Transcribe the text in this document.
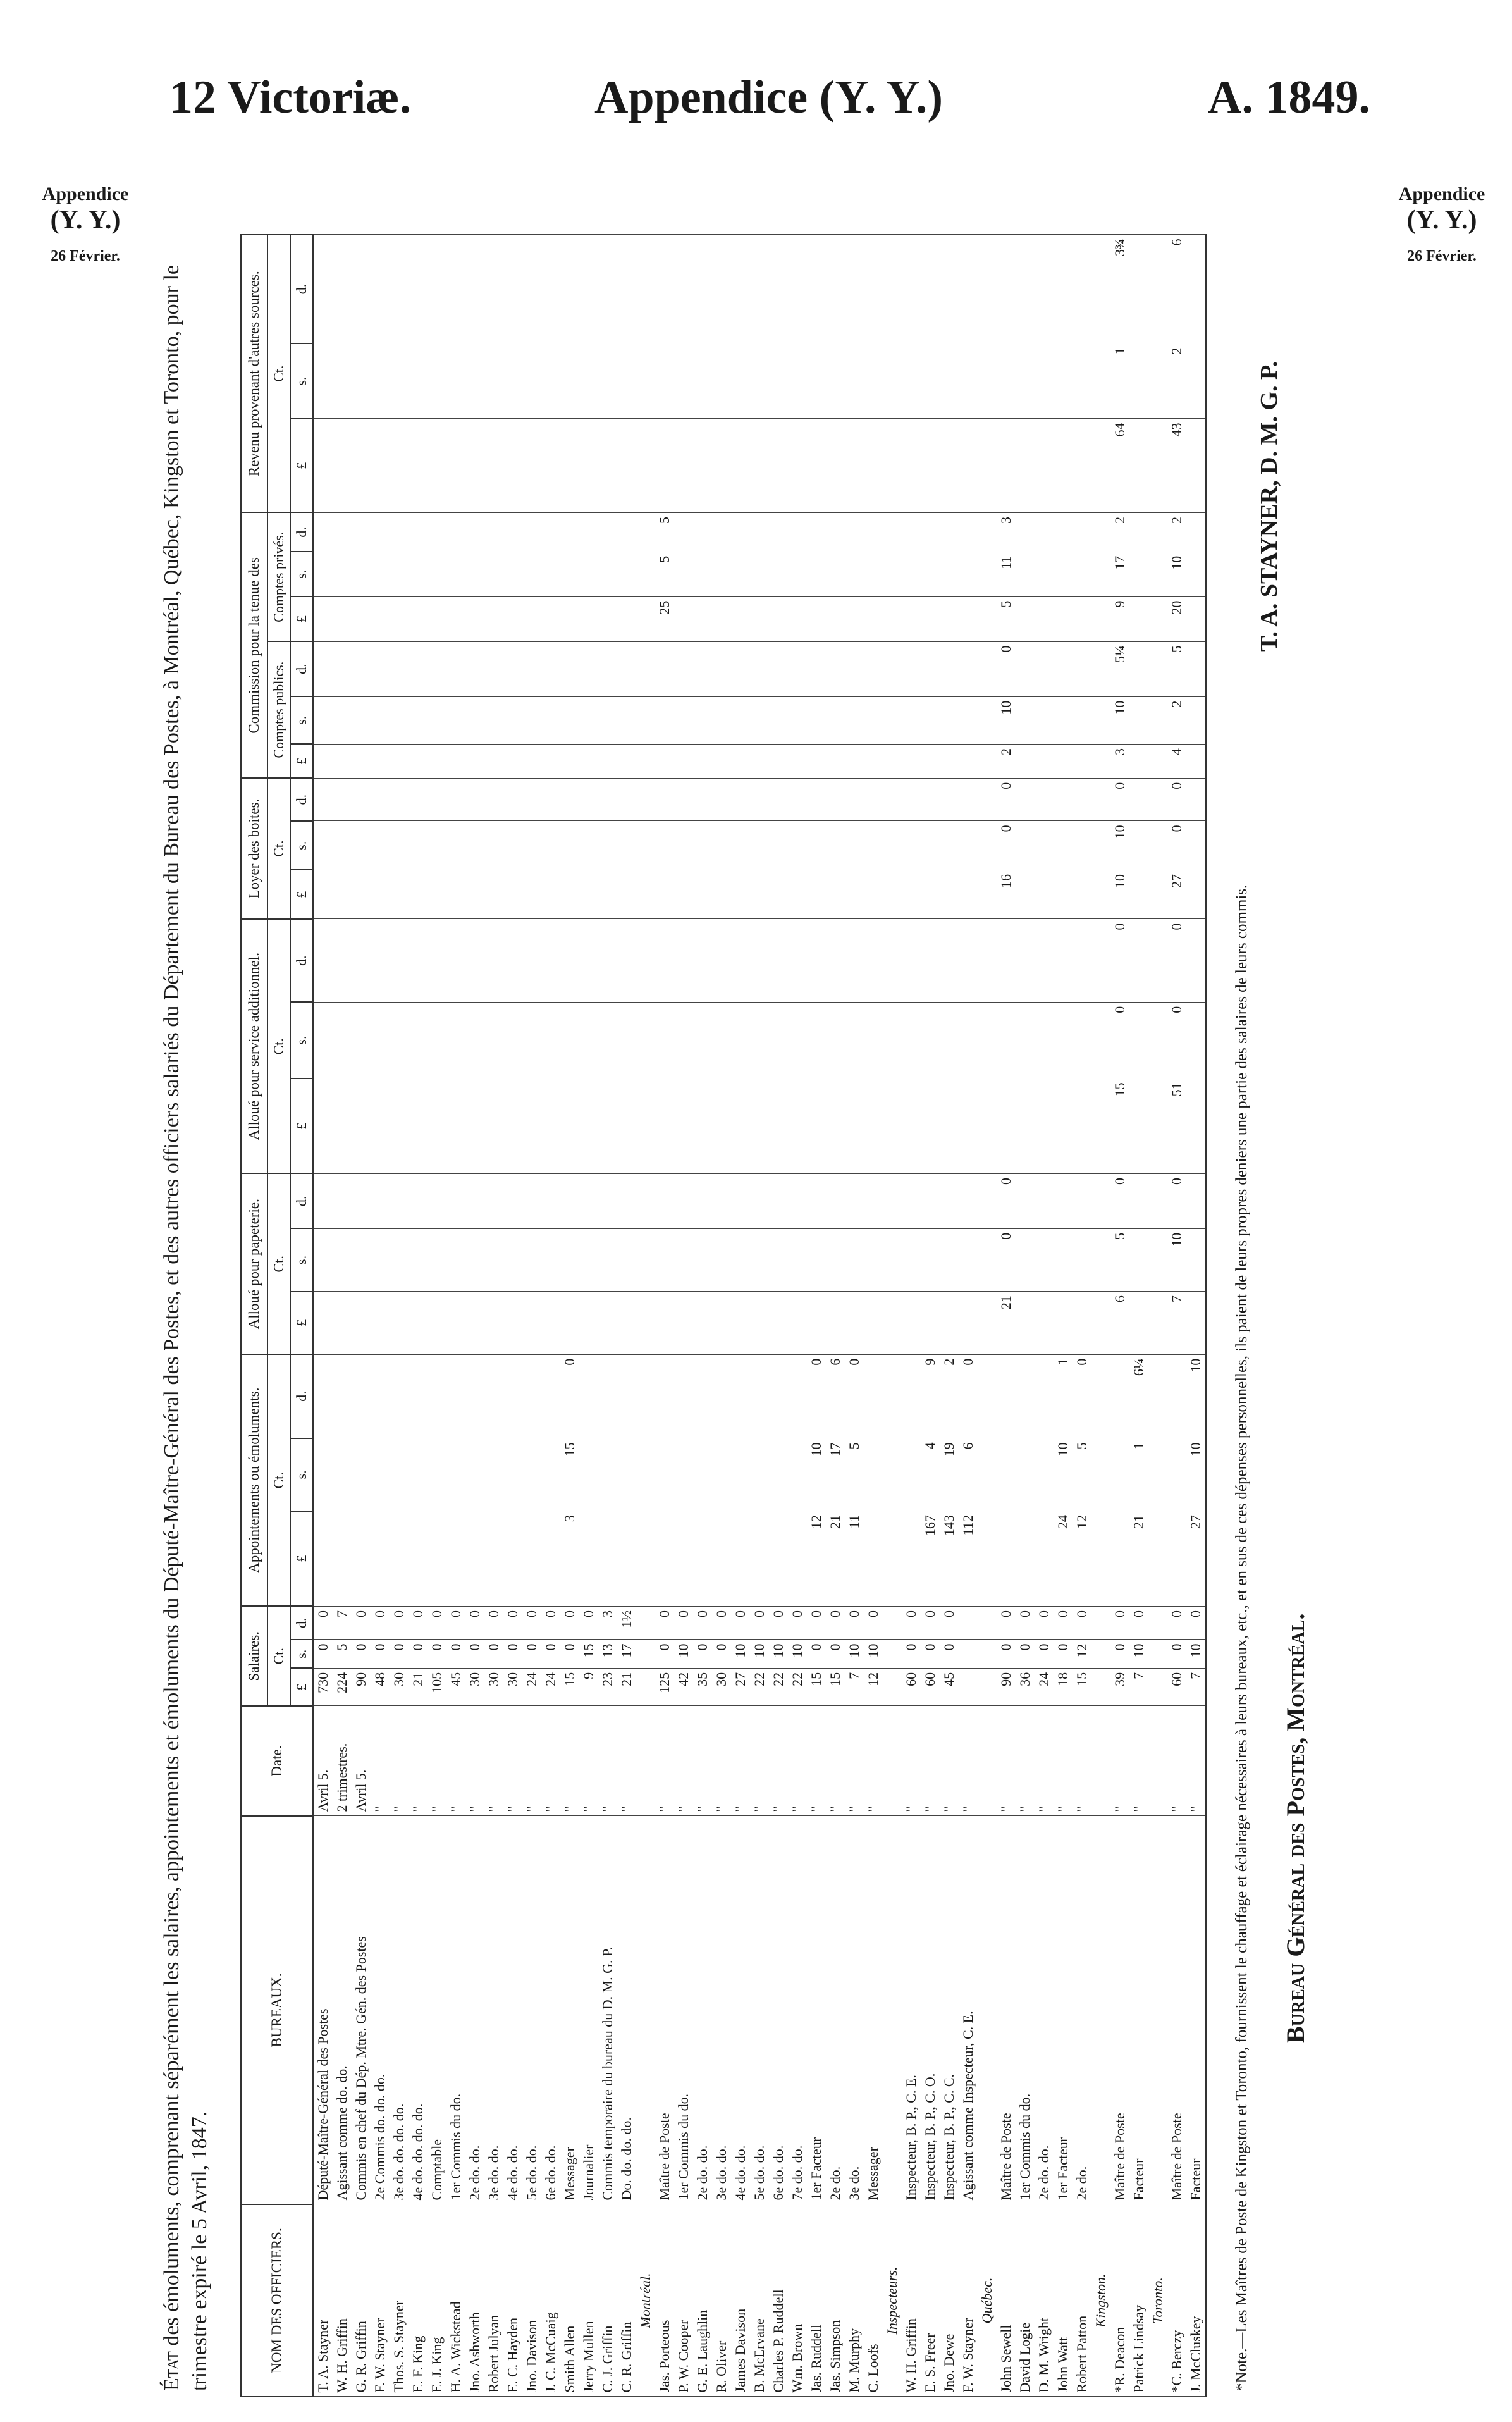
12 Victoriæ.	Appendice (Y. Y.)	A. 1849.
Appendice
(Y. Y.)
26 Février.
Appendice
(Y. Y.)
26 Février.
État des émoluments, comprenant séparément les salaires, appointements et émoluments du Député-Maître-Général des Postes, et des autres officiers salariés du Département du Bureau des Postes, à Montréal, Québec, Kingston et Toronto, pour le trimestre expiré le 5 Avril, 1847.	NOM DES OFFICIERS.	BUREAUX.	Date.	Salaires.			Appointements ou émoluments.			Alloué pour papeterie.			Alloué pour service additionnel.			Loyer des boites.			Commission pour la tenue des						Revenu provenant d'autres sources.		
			Ct.			Ct.			Ct.			Ct.			Ct.			Comptes publics.			Comptes privés.			Ct.		
			£	s.	d.	£	s.	d.	£	s.	d.	£	s.	d.	£	s.	d.	£	s.	d.	£	s.	d.	£	s.	d.
T. A. Stayner	Député-Maître-Général des Postes	Avril 5.	730	0	0																					
W. H. Griffin	Agissant comme do. do.	2 trimestres.	224	5	7																					
G. R. Griffin	Commis en chef du Dép. Mtre. Gén. des Postes	Avril 5.	90	0	0																					
F. W. Stayner	2e Commis do. do. do.	"	48	0	0																					
Thos. S. Stayner	3e do. do. do. do.	"	30	0	0																					
E. F. King	4e do. do. do. do.	"	21	0	0																					
E. J. King	Comptable	"	105	0	0																					
H. A. Wickstead	1er Commis du do.	"	45	0	0																					
Jno. Ashworth	2e do. do.	"	30	0	0																					
Robert Julyan	3e do. do.	"	30	0	0																					
E. C. Hayden	4e do. do.	"	30	0	0																					
Jno. Davison	5e do. do.	"	24	0	0																					
J. C. McCuaig	6e do. do.	"	24	0	0																					
Smith Allen	Messager	"	15	0	0	3	15	0																		
Jerry Mullen	Journalier	"	9	15	0																					
C. J. Griffin	Commis temporaire du bureau du D. M. G. P.	"	23	13	3																					
C. R. Griffin	Do. do. do. do.	"	21	17	1½																					
Montréal.																										
Jas. Porteous	Maître de Poste	"	125	0	0																25	5	5			
P. W. Cooper	1er Commis du do.	"	42	10	0																					
G. E. Laughlin	2e do. do.	"	35	0	0																					
R. Oliver	3e do. do.	"	30	0	0																					
James Davison	4e do. do.	"	27	10	0																					
B. McErvane	5e do. do.	"	22	10	0																					
Charles P. Ruddell	6e do. do.	"	22	10	0																					
Wm. Brown	7e do. do.	"	22	10	0																					
Jas. Ruddell	1er Facteur	"	15	0	0	12	10	0																		
Jas. Simpson	2e do.	"	15	0	0	21	17	6																		
M. Murphy	3e do.	"	7	10	0	11	5	0																		
C. Loofs	Messager	"	12	10	0																					
Inspecteurs.																										
W. H. Griffin	Inspecteur, B. P., C. E.	"	60	0	0																					
E. S. Freer	Inspecteur, B. P., C. O.	"	60	0	0	167	4	9																		
Jno. Dewe	Inspecteur, B. P., C. C.	"	45	0	0	143	19	2																		
F. W. Stayner	Agissant comme Inspecteur, C. E.	"				112	6	0																		
Québec.																										
John Sewell	Maître de Poste	"	90	0	0				21	0	0				16	0	0	2	10	0	5	11	3			
David Logie	1er Commis du do.	"	36	0	0																					
D. M. Wright	2e do. do.	"	24	0	0																					
John Watt	1er Facteur	"	18	0	0	24	10	1																		
Robert Patton	2e do.	"	15	12	0	12	5	0																		
Kingston.																										
*R. Deacon	Maître de Poste	"	39	0	0				6	5	0	15	0	0	10	10	0	3	10	5¼	9	17	2	64	1	3¾
Patrick Lindsay	Facteur	"	7	10	0	21	1	6¼																		
Toronto.																										
*C. Berczy	Maître de Poste	"	60	0	0				7	10	0	51	0	0	27	0	0	4	2	5	20	10	2	43	2	6
J. McCluskey	Facteur	"	7	10	0	27	10	10																		*Note.—Les Maîtres de Poste de Kingston et Toronto, fournissent le chauffage et éclairage nécessaires à leurs bureaux, etc., et en sus de ces dépenses personnelles, ils paient de leurs propres deniers une partie des salaires de leurs commis. Bureau Général des Postes, Montréal.
T. A. STAYNER, D. M. G. P.
